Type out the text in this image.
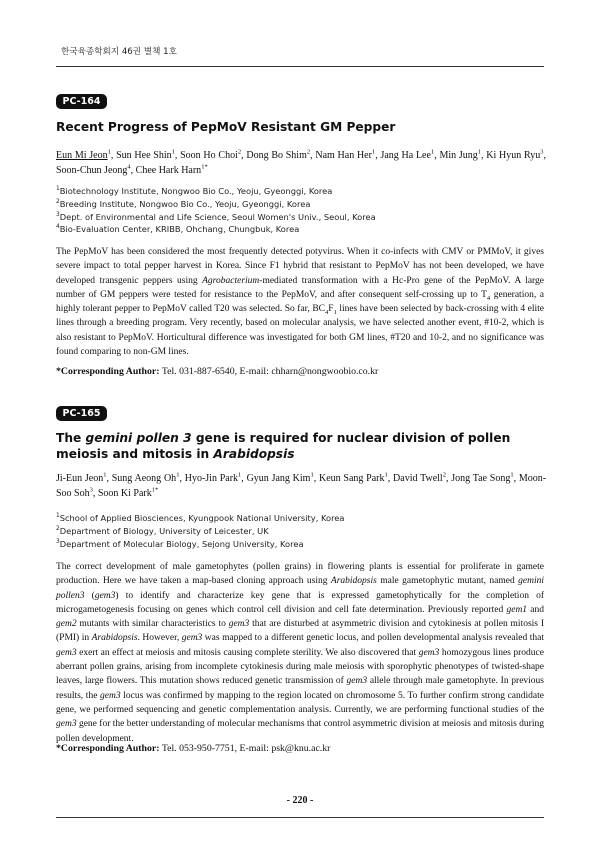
한국육종학회지 46권 별책 1호
PC-164
Recent Progress of PepMoV Resistant GM Pepper
Eun Mi Jeon$^1$, Sun Hee Shin$^1$, Soon Ho Choi$^2$, Dong Bo Shim$^2$, Nam Han Her$^1$, Jang Ha Lee$^1$, Min Jung$^1$, Ki Hyun Ryu$^3$, Soon-Chun Jeong$^4$, Chee Hark Harn$^{1*}$
$^1$Biotechnology Institute, Nongwoo Bio Co., Yeoju, Gyeonggi, Korea
$^2$Breeding Institute, Nongwoo Bio Co., Yeoju, Gyeonggi, Korea
$^3$Dept. of Environmental and Life Science, Seoul Women's Univ., Seoul, Korea
$^4$Bio-Evaluation Center, KRIBB, Ohchang, Chungbuk, Korea
The PepMoV has been considered the most frequently detected potyvirus. When it co-infects with CMV or PMMoV, it gives severe impact to total pepper harvest in Korea. Since F1 hybrid that resistant to PepMoV has not been developed, we have developed transgenic peppers using Agrobacterium-mediated transformation with a Hc-Pro gene of the PepMoV. A large number of GM peppers were tested for resistance to the PepMoV, and after consequent self-crossing up to $T_4$ generation, a highly tolerant pepper to PepMoV called T20 was selected. So far, $BC_4F_1$ lines have been selected by back-crossing with 4 elite lines through a breeding program. Very recently, based on molecular analysis, we have selected another event, #10-2, which is also resistant to PepMoV. Horticultural difference was investigated for both GM lines, #T20 and 10-2, and no significance was found comparing to non-GM lines.
*Corresponding Author: Tel. 031-887-6540, E-mail: chharn@nongwoobio.co.kr
PC-165
The gemini pollen 3 gene is required for nuclear division of pollen meiosis and mitosis in Arabidopsis
Ji-Eun Jeon$^1$, Sung Aeong Oh$^1$, Hyo-Jin Park$^1$, Gyun Jang Kim$^1$, Keun Sang Park$^1$, David Twell$^2$, Jong Tae Song$^1$, Moon-Soo Soh$^3$, Soon Ki Park$^{1*}$
$^1$School of Applied Biosciences, Kyungpook National University, Korea
$^2$Department of Biology, University of Leicester, UK
$^3$Department of Molecular Biology, Sejong University, Korea
The correct development of male gametophytes (pollen grains) in flowering plants is essential for proliferate in gamete production. Here we have taken a map-based cloning approach using Arabidopsis male gametophytic mutant, named gemini pollen3 (gem3) to identify and characterize key gene that is expressed gametophytically for the completion of microgametogenesis focusing on genes which control cell division and cell fate determination. Previously reported gem1 and gem2 mutants with similar characteristics to gem3 that are disturbed at asymmetric division and cytokinesis at pollen mitosis I (PMI) in Arabidopsis. However, gem3 was mapped to a different genetic locus, and pollen developmental analysis revealed that gem3 exert an effect at meiosis and mitosis causing complete sterility. We also discovered that gem3 homozygous lines produce aberrant pollen grains, arising from incomplete cytokinesis during male meiosis with sporophytic phenotypes of twisted-shape leaves, large flowers. This mutation shows reduced genetic transmission of gem3 allele through male gametophyte. In previous results, the gem3 locus was confirmed by mapping to the region located on chromosome 5. To further confirm strong candidate gene, we performed sequencing and genetic complementation analysis. Currently, we are performing functional studies of the gem3 gene for the better understanding of molecular mechanisms that control asymmetric division at meiosis and mitosis during pollen development.
*Corresponding Author: Tel. 053-950-7751, E-mail: psk@knu.ac.kr
- 220 -
